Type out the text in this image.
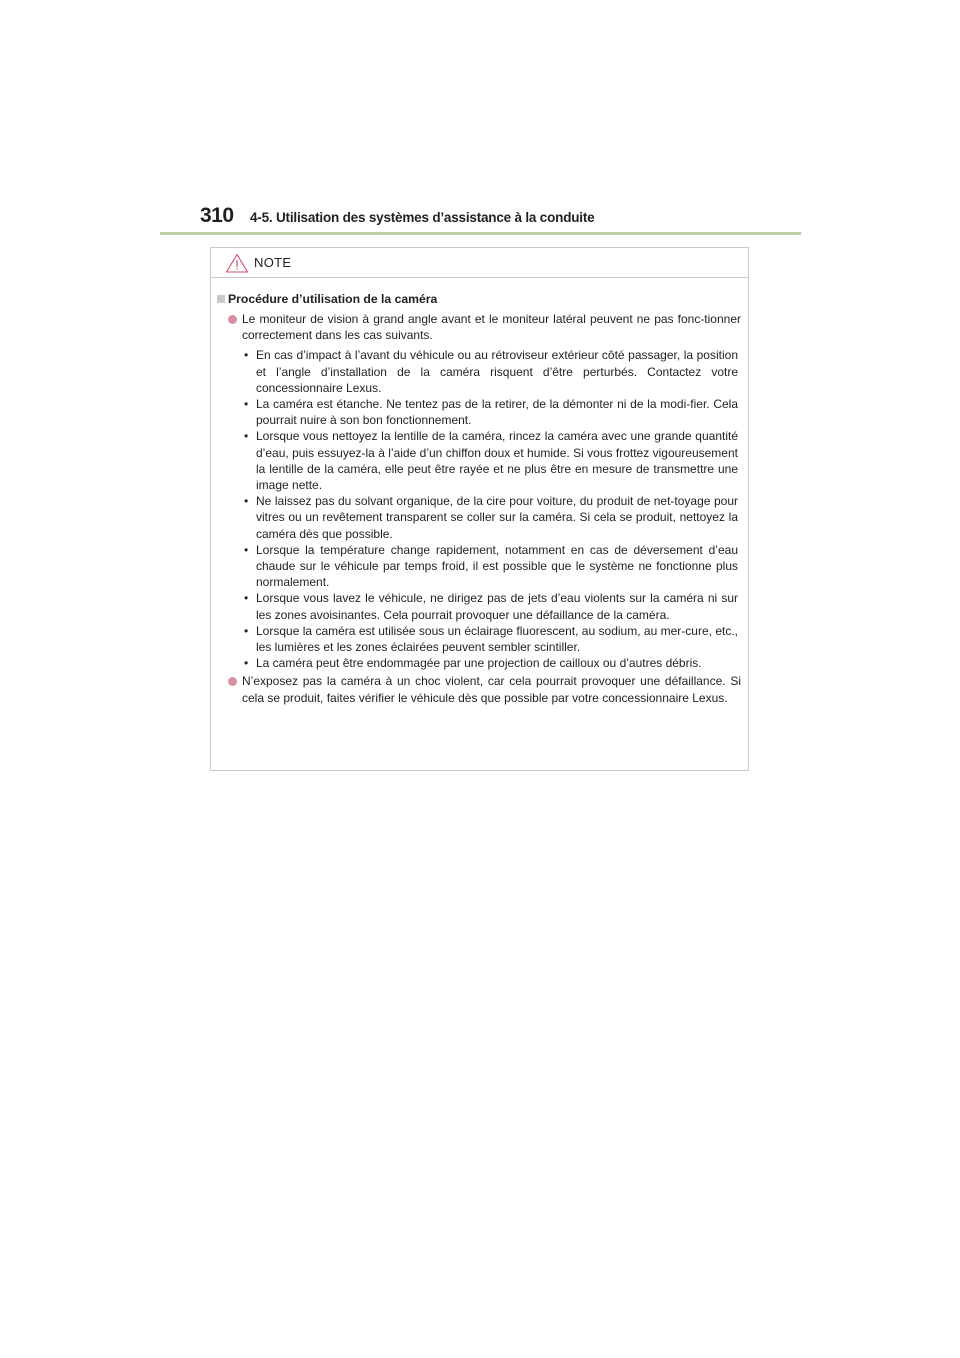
310 4-5. Utilisation des systèmes d’assistance à la conduite
NOTE
Procédure d’utilisation de la caméra
Le moniteur de vision à grand angle avant et le moniteur latéral peuvent ne pas fonc-tionner correctement dans les cas suivants.
• En cas d’impact à l’avant du véhicule ou au rétroviseur extérieur côté passager, la position et l’angle d’installation de la caméra risquent d’être perturbés. Contactez votre concessionnaire Lexus.
• La caméra est étanche. Ne tentez pas de la retirer, de la démonter ni de la modi-fier. Cela pourrait nuire à son bon fonctionnement.
• Lorsque vous nettoyez la lentille de la caméra, rincez la caméra avec une grande quantité d’eau, puis essuyez-la à l’aide d’un chiffon doux et humide. Si vous frottez vigoureusement la lentille de la caméra, elle peut être rayée et ne plus être en mesure de transmettre une image nette.
• Ne laissez pas du solvant organique, de la cire pour voiture, du produit de net-toyage pour vitres ou un revêtement transparent se coller sur la caméra. Si cela se produit, nettoyez la caméra dès que possible.
• Lorsque la température change rapidement, notamment en cas de déversement d’eau chaude sur le véhicule par temps froid, il est possible que le système ne fonctionne plus normalement.
• Lorsque vous lavez le véhicule, ne dirigez pas de jets d’eau violents sur la caméra ni sur les zones avoisinantes. Cela pourrait provoquer une défaillance de la caméra.
• Lorsque la caméra est utilisée sous un éclairage fluorescent, au sodium, au mer-cure, etc., les lumières et les zones éclairées peuvent sembler scintiller.
• La caméra peut être endommagée par une projection de cailloux ou d’autres débris.
N’exposez pas la caméra à un choc violent, car cela pourrait provoquer une défaillance. Si cela se produit, faites vérifier le véhicule dès que possible par votre concessionnaire Lexus.
